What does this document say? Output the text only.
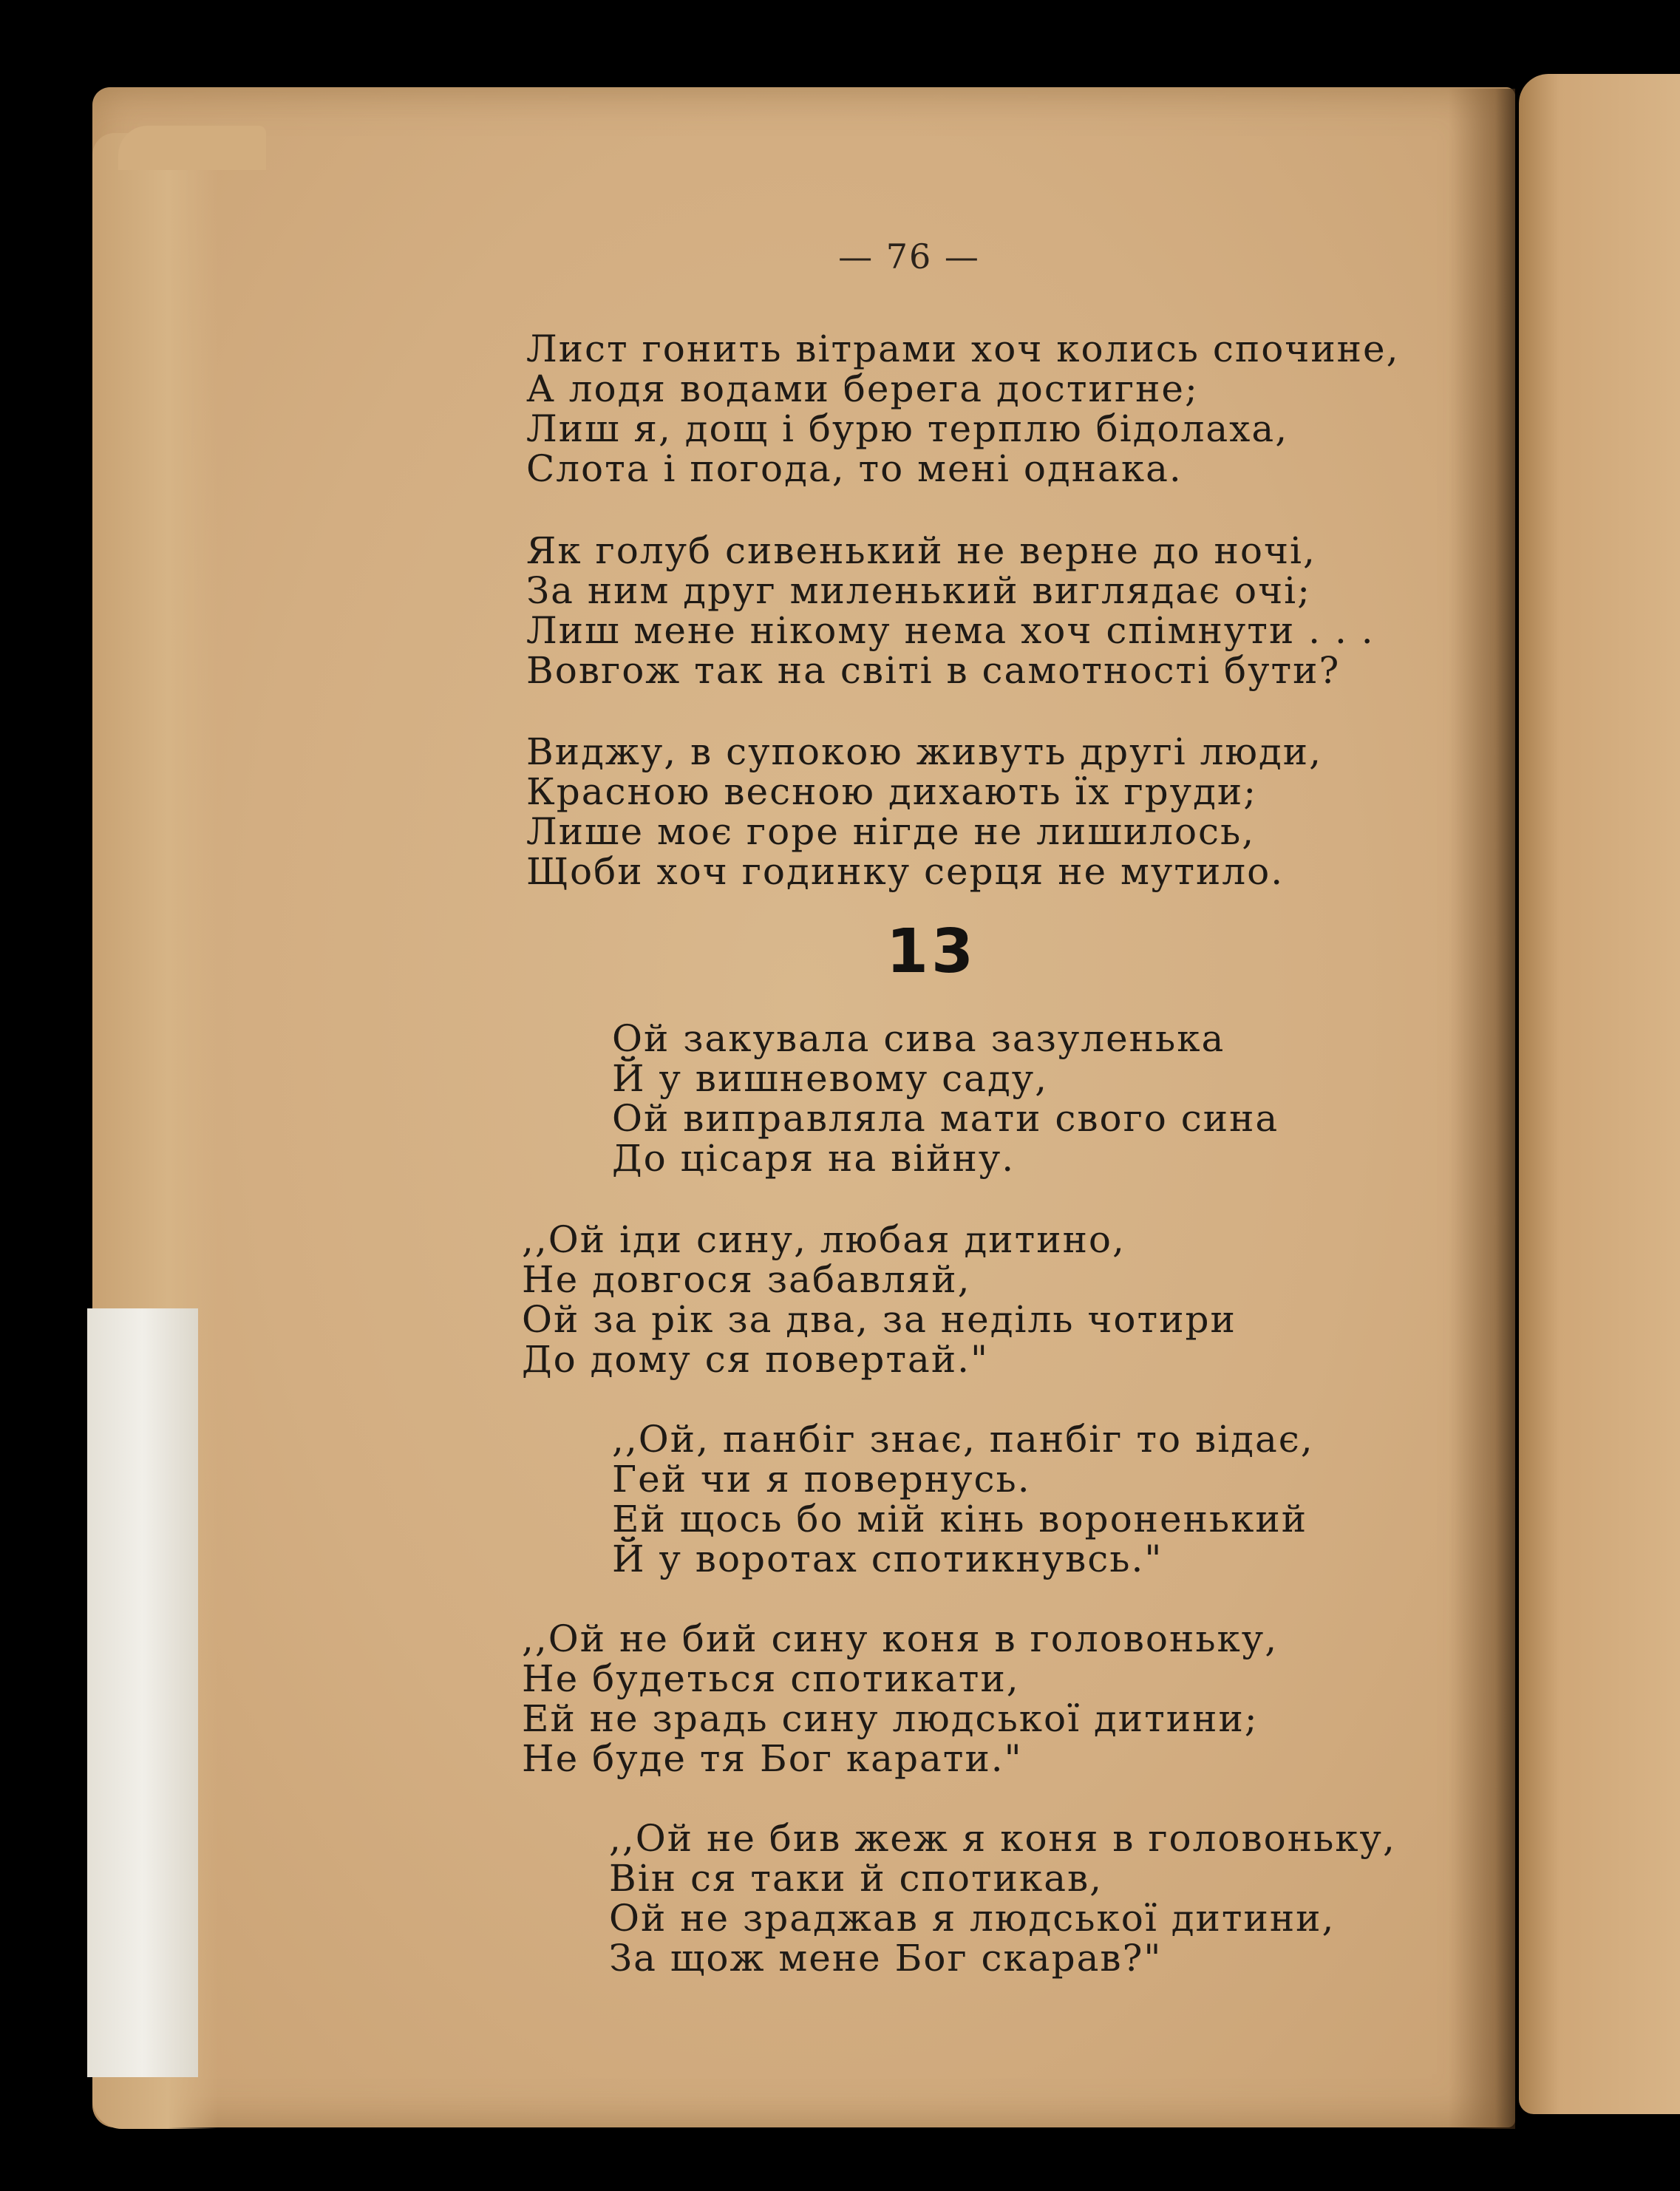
— 76 —
Лист гонить вітрами хоч колись спочине,
А лодя водами берега достигне;
Лиш я, дощ і бурю терплю бідолаха,
Слота і погода, то мені однака.
Як голуб сивенький не верне до ночі,
За ним друг миленький виглядає очі;
Лиш мене нікому нема хоч спімнути . . .
Вовгож так на світі в самотності бути?
Виджу, в супокою живуть другі люди,
Красною весною дихають їх груди;
Лише моє горе нігде не лишилось,
Щоби хоч годинку серця не мутило.
13
Ой закувала сива зазуленька
Й у вишневому саду,
Ой виправляла мати свого сина
До цісаря на війну.
,,Ой іди сину, любая дитино,
Не довгося забавляй,
Ой за рік за два, за неділь чотири
До дому ся повертай."
,,Ой, панбіг знає, панбіг то відає,
Гей чи я повернусь.
Ей щось бо мій кінь вороненький
Й у воротах спотикнувсь."
,,Ой не бий сину коня в головоньку,
Не будеться спотикати,
Ей не зрадь сину людської дитини;
Не буде тя Бог карати."
,,Ой не бив жеж я коня в головоньку,
Він ся таки й спотикав,
Ой не зраджав я людської дитини,
За щож мене Бог скарав?"
